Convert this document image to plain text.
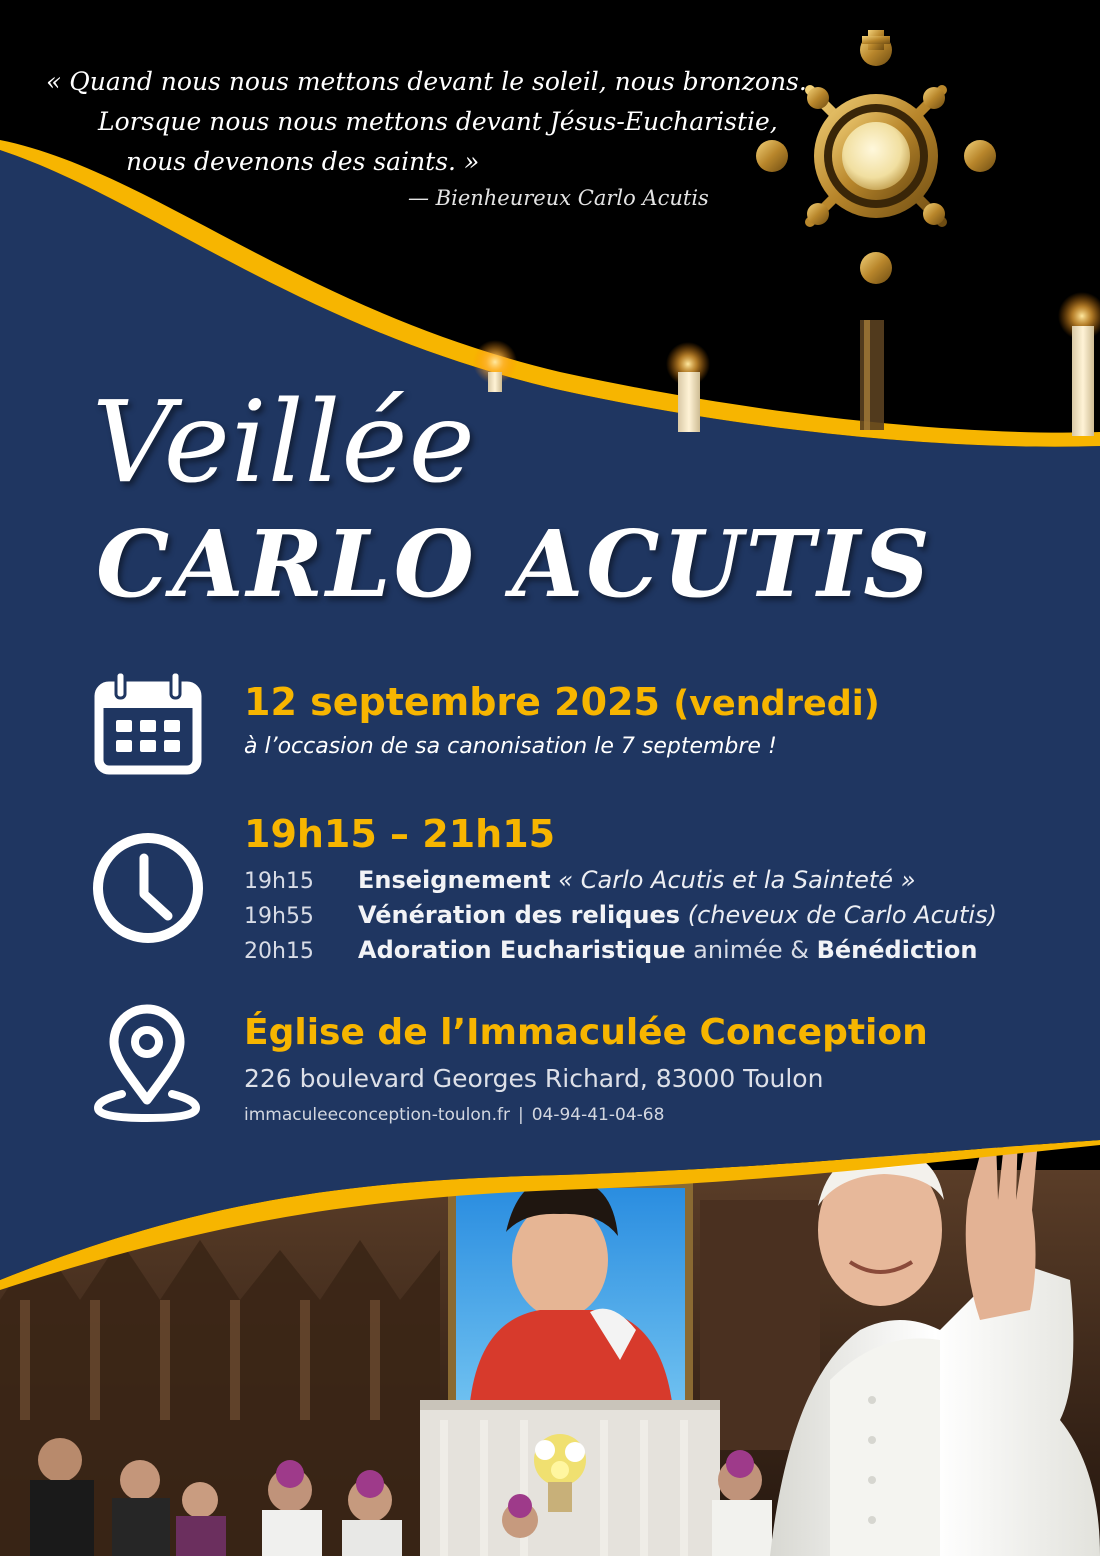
« Quand nous nous mettons devant le soleil, nous bronzons.
Lorsque nous nous mettons devant Jésus-Eucharistie,
nous devenons des saints. »
— Bienheureux Carlo Acutis
Veillée
CARLO ACUTIS
12 septembre 2025 (vendredi)
à l’occasion de sa canonisation le 7 septembre !
19h15 – 21h15
19h15 Enseignement « Carlo Acutis et la Sainteté »
19h55 Vénération des reliques (cheveux de Carlo Acutis)
20h15 Adoration Eucharistique animée & Bénédiction
Église de l’Immaculée Conception
226 boulevard Georges Richard, 83000 Toulon
immaculeeconception-toulon.fr | 04-94-41-04-68
